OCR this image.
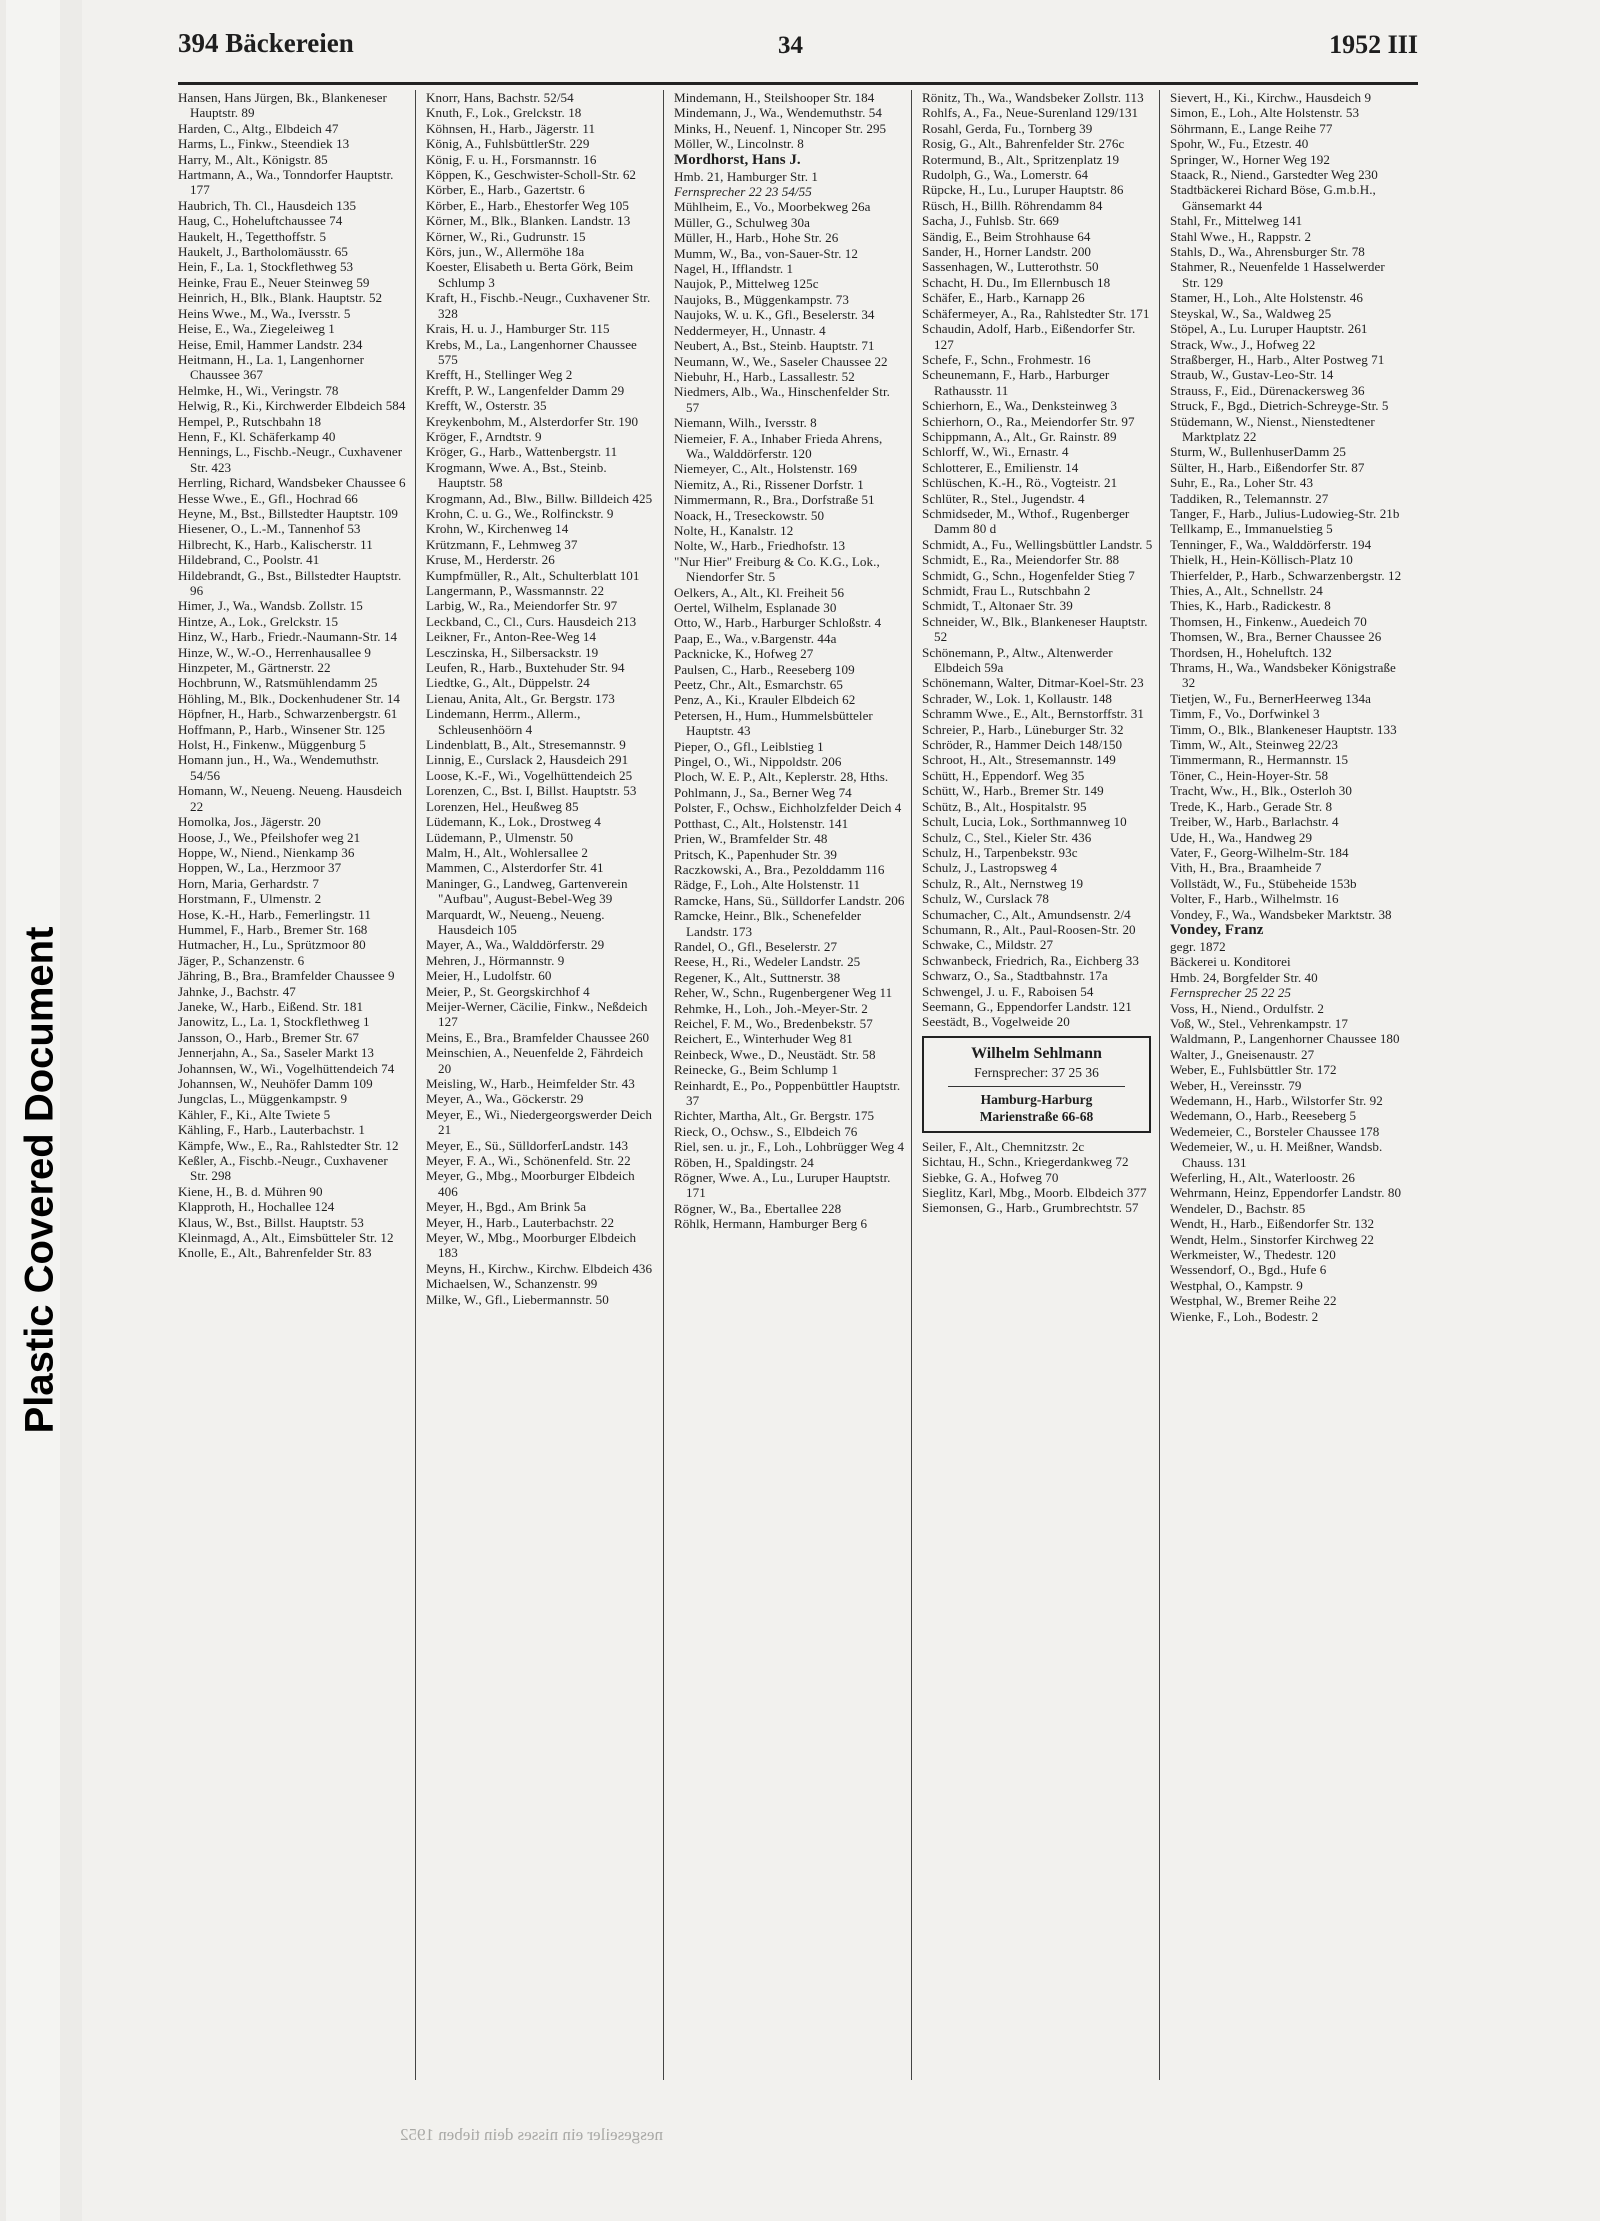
Plastic Covered Document
394 Bäckereien	34	1952 III
Hansen, Hans Jürgen, Bk., Blankeneser Hauptstr. 89
Harden, C., Altg., Elbdeich 47
Harms, L., Finkw., Steendiek 13
Harry, M., Alt., Königstr. 85
Hartmann, A., Wa., Tonndorfer Hauptstr. 177
Haubrich, Th. Cl., Hausdeich 135
Haug, C., Hoheluftchaussee 74
Haukelt, H., Tegetthoffstr. 5
Haukelt, J., Bartholomäusstr. 65
Hein, F., La. 1, Stockflethweg 53
Heinke, Frau E., Neuer Steinweg 59
Heinrich, H., Blk., Blank. Hauptstr. 52
Heins Wwe., M., Wa., Iversstr. 5
Heise, E., Wa., Ziegeleiweg 1
Heise, Emil, Hammer Landstr. 234
Heitmann, H., La. 1, Langenhorner Chaussee 367
Helmke, H., Wi., Veringstr. 78
Helwig, R., Ki., Kirchwerder Elbdeich 584
Hempel, P., Rutschbahn 18
Henn, F., Kl. Schäferkamp 40
Hennings, L., Fischb.-Neugr., Cuxhavener Str. 423
Herrling, Richard, Wandsbeker Chaussee 6
Hesse Wwe., E., Gfl., Hochrad 66
Heyne, M., Bst., Billstedter Hauptstr. 109
Hiesener, O., L.-M., Tannenhof 53
Hilbrecht, K., Harb., Kalischerstr. 11
Hildebrand, C., Poolstr. 41
Hildebrandt, G., Bst., Billstedter Hauptstr. 96
Himer, J., Wa., Wandsb. Zollstr. 15
Hintze, A., Lok., Grelckstr. 15
Hinz, W., Harb., Friedr.-Naumann-Str. 14
Hinze, W., W.-O., Herrenhausallee 9
Hinzpeter, M., Gärtnerstr. 22
Hochbrunn, W., Ratsmühlendamm 25
Höhling, M., Blk., Dockenhudener Str. 14
Höpfner, H., Harb., Schwarzenbergstr. 61
Hoffmann, P., Harb., Winsener Str. 125
Holst, H., Finkenw., Müggenburg 5
Homann jun., H., Wa., Wendemuthstr. 54/56
Homann, W., Neueng. Neueng. Hausdeich 22
Homolka, Jos., Jägerstr. 20
Hoose, J., We., Pfeilshofer weg 21
Hoppe, W., Niend., Nienkamp 36
Hoppen, W., La., Herzmoor 37
Horn, Maria, Gerhardstr. 7
Horstmann, F., Ulmenstr. 2
Hose, K.-H., Harb., Femerlingstr. 11
Hummel, F., Harb., Bremer Str. 168
Hutmacher, H., Lu., Sprützmoor 80
Jäger, P., Schanzenstr. 6
Jähring, B., Bra., Bramfelder Chaussee 9
Jahnke, J., Bachstr. 47
Janeke, W., Harb., Eißend. Str. 181
Janowitz, L., La. 1, Stockflethweg 1
Jansson, O., Harb., Bremer Str. 67
Jennerjahn, A., Sa., Saseler Markt 13
Johannsen, W., Wi., Vogelhüttendeich 74
Johannsen, W., Neuhöfer Damm 109
Jungclas, L., Müggenkampstr. 9
Kähler, F., Ki., Alte Twiete 5
Kähling, F., Harb., Lauterbachstr. 1
Kämpfe, Ww., E., Ra., Rahlstedter Str. 12
Keßler, A., Fischb.-Neugr., Cuxhavener Str. 298
Kiene, H., B. d. Mühren 90
Klapproth, H., Hochallee 124
Klaus, W., Bst., Billst. Hauptstr. 53
Kleinmagd, A., Alt., Eimsbütteler Str. 12
Knolle, E., Alt., Bahrenfelder Str. 83
Knorr, Hans, Bachstr. 52/54
Knuth, F., Lok., Grelckstr. 18
Köhnsen, H., Harb., Jägerstr. 11
König, A., FuhlsbüttlerStr. 229
König, F. u. H., Forsmannstr. 16
Köppen, K., Geschwister-Scholl-Str. 62
Körber, E., Harb., Gazertstr. 6
Körber, E., Harb., Ehestorfer Weg 105
Körner, M., Blk., Blanken. Landstr. 13
Körner, W., Ri., Gudrunstr. 15
Körs, jun., W., Allermöhe 18a
Koester, Elisabeth u. Berta Görk, Beim Schlump 3
Kraft, H., Fischb.-Neugr., Cuxhavener Str. 328
Krais, H. u. J., Hamburger Str. 115
Krebs, M., La., Langenhorner Chaussee 575
Krefft, H., Stellinger Weg 2
Krefft, P. W., Langenfelder Damm 29
Krefft, W., Osterstr. 35
Kreykenbohm, M., Alsterdorfer Str. 190
Kröger, F., Arndtstr. 9
Kröger, G., Harb., Wattenbergstr. 11
Krogmann, Wwe. A., Bst., Steinb. Hauptstr. 58
Krogmann, Ad., Blw., Billw. Billdeich 425
Krohn, C. u. G., We., Rolfinckstr. 9
Krohn, W., Kirchenweg 14
Krützmann, F., Lehmweg 37
Kruse, M., Herderstr. 26
Kumpfmüller, R., Alt., Schulterblatt 101
Langermann, P., Wassmannstr. 22
Larbig, W., Ra., Meiendorfer Str. 97
Leckband, C., Cl., Curs. Hausdeich 213
Leikner, Fr., Anton-Ree-Weg 14
Lesczinska, H., Silbersackstr. 19
Leufen, R., Harb., Buxtehuder Str. 94
Liedtke, G., Alt., Düppelstr. 24
Lienau, Anita, Alt., Gr. Bergstr. 173
Lindemann, Herrm., Allerm., Schleusenhöörn 4
Lindenblatt, B., Alt., Stresemannstr. 9
Linnig, E., Curslack 2, Hausdeich 291
Loose, K.-F., Wi., Vogelhüttendeich 25
Lorenzen, C., Bst. I, Billst. Hauptstr. 53
Lorenzen, Hel., Heußweg 85
Lüdemann, K., Lok., Drostweg 4
Lüdemann, P., Ulmenstr. 50
Malm, H., Alt., Wohlersallee 2
Mammen, C., Alsterdorfer Str. 41
Maninger, G., Landweg, Gartenverein "Aufbau", August-Bebel-Weg 39
Marquardt, W., Neueng., Neueng. Hausdeich 105
Mayer, A., Wa., Walddörferstr. 29
Mehren, J., Hörmannstr. 9
Meier, H., Ludolfstr. 60
Meier, P., St. Georgskirchhof 4
Meijer-Werner, Cäcilie, Finkw., Neßdeich 127
Meins, E., Bra., Bramfelder Chaussee 260
Meinschien, A., Neuenfelde 2, Fährdeich 20
Meisling, W., Harb., Heimfelder Str. 43
Meyer, A., Wa., Göckerstr. 29
Meyer, E., Wi., Niedergeorgswerder Deich 21
Meyer, E., Sü., SülldorferLandstr. 143
Meyer, F. A., Wi., Schönenfeld. Str. 22
Meyer, G., Mbg., Moorburger Elbdeich 406
Meyer, H., Bgd., Am Brink 5a
Meyer, H., Harb., Lauterbachstr. 22
Meyer, W., Mbg., Moorburger Elbdeich 183
Meyns, H., Kirchw., Kirchw. Elbdeich 436
Michaelsen, W., Schanzenstr. 99
Milke, W., Gfl., Liebermannstr. 50
Mindemann, H., Steilshooper Str. 184
Mindemann, J., Wa., Wendemuthstr. 54
Minks, H., Neuenf. 1, Nincoper Str. 295
Möller, W., Lincolnstr. 8
Mordhorst, Hans J.
Hmb. 21, Hamburger Str. 1
Fernsprecher 22 23 54/55
Mühlheim, E., Vo., Moorbekweg 26a
Müller, G., Schulweg 30a
Müller, H., Harb., Hohe Str. 26
Mumm, W., Ba., von-Sauer-Str. 12
Nagel, H., Ifflandstr. 1
Naujok, P., Mittelweg 125c
Naujoks, B., Müggenkampstr. 73
Naujoks, W. u. K., Gfl., Beselerstr. 34
Neddermeyer, H., Unnastr. 4
Neubert, A., Bst., Steinb. Hauptstr. 71
Neumann, W., We., Saseler Chaussee 22
Niebuhr, H., Harb., Lassallestr. 52
Niedmers, Alb., Wa., Hinschenfelder Str. 57
Niemann, Wilh., Iversstr. 8
Niemeier, F. A., Inhaber Frieda Ahrens, Wa., Walddörferstr. 120
Niemeyer, C., Alt., Holstenstr. 169
Niemitz, A., Ri., Rissener Dorfstr. 1
Nimmermann, R., Bra., Dorfstraße 51
Noack, H., Treseckowstr. 50
Nolte, H., Kanalstr. 12
Nolte, W., Harb., Friedhofstr. 13
"Nur Hier" Freiburg & Co. K.G., Lok., Niendorfer Str. 5
Oelkers, A., Alt., Kl. Freiheit 56
Oertel, Wilhelm, Esplanade 30
Otto, W., Harb., Harburger Schloßstr. 4
Paap, E., Wa., v.Bargenstr. 44a
Packnicke, K., Hofweg 27
Paulsen, C., Harb., Reeseberg 109
Peetz, Chr., Alt., Esmarchstr. 65
Penz, A., Ki., Krauler Elbdeich 62
Petersen, H., Hum., Hummelsbütteler Hauptstr. 43
Pieper, O., Gfl., Leiblstieg 1
Pingel, O., Wi., Nippoldstr. 206
Ploch, W. E. P., Alt., Keplerstr. 28, Hths.
Pohlmann, J., Sa., Berner Weg 74
Polster, F., Ochsw., Eichholzfelder Deich 4
Potthast, C., Alt., Holstenstr. 141
Prien, W., Bramfelder Str. 48
Pritsch, K., Papenhuder Str. 39
Raczkowski, A., Bra., Pezolddamm 116
Rädge, F., Loh., Alte Holstenstr. 11
Ramcke, Hans, Sü., Sülldorfer Landstr. 206
Ramcke, Heinr., Blk., Schenefelder Landstr. 173
Randel, O., Gfl., Beselerstr. 27
Reese, H., Ri., Wedeler Landstr. 25
Regener, K., Alt., Suttnerstr. 38
Reher, W., Schn., Rugenbergener Weg 11
Rehmke, H., Loh., Joh.-Meyer-Str. 2
Reichel, F. M., Wo., Bredenbekstr. 57
Reichert, E., Winterhuder Weg 81
Reinbeck, Wwe., D., Neustädt. Str. 58
Reinecke, G., Beim Schlump 1
Reinhardt, E., Po., Poppenbüttler Hauptstr. 37
Richter, Martha, Alt., Gr. Bergstr. 175
Rieck, O., Ochsw., S., Elbdeich 76
Riel, sen. u. jr., F., Loh., Lohbrügger Weg 4
Röben, H., Spaldingstr. 24
Rögner, Wwe. A., Lu., Luruper Hauptstr. 171
Rögner, W., Ba., Ebertallee 228
Röhlk, Hermann, Hamburger Berg 6
Rönitz, Th., Wa., Wandsbeker Zollstr. 113
Rohlfs, A., Fa., Neue-Surenland 129/131
Rosahl, Gerda, Fu., Tornberg 39
Rosig, G., Alt., Bahrenfelder Str. 276c
Rotermund, B., Alt., Spritzenplatz 19
Rudolph, G., Wa., Lomerstr. 64
Rüpcke, H., Lu., Luruper Hauptstr. 86
Rüsch, H., Billh. Röhrendamm 84
Sacha, J., Fuhlsb. Str. 669
Sändig, E., Beim Strohhause 64
Sander, H., Horner Landstr. 200
Sassenhagen, W., Lutterothstr. 50
Schacht, H. Du., Im Ellernbusch 18
Schäfer, E., Harb., Karnapp 26
Schäfermeyer, A., Ra., Rahlstedter Str. 171
Schaudin, Adolf, Harb., Eißendorfer Str. 127
Schefe, F., Schn., Frohmestr. 16
Scheunemann, F., Harb., Harburger Rathausstr. 11
Schierhorn, E., Wa., Denksteinweg 3
Schierhorn, O., Ra., Meiendorfer Str. 97
Schippmann, A., Alt., Gr. Rainstr. 89
Schlorff, W., Wi., Ernastr. 4
Schlotterer, E., Emilienstr. 14
Schlüschen, K.-H., Rö., Vogteistr. 21
Schlüter, R., Stel., Jugendstr. 4
Schmidseder, M., Wthof., Rugenberger Damm 80 d
Schmidt, A., Fu., Wellingsbüttler Landstr. 5
Schmidt, E., Ra., Meiendorfer Str. 88
Schmidt, G., Schn., Hogenfelder Stieg 7
Schmidt, Frau L., Rutschbahn 2
Schmidt, T., Altonaer Str. 39
Schneider, W., Blk., Blankeneser Hauptstr. 52
Schönemann, P., Altw., Altenwerder Elbdeich 59a
Schönemann, Walter, Ditmar-Koel-Str. 23
Schrader, W., Lok. 1, Kollaustr. 148
Schramm Wwe., E., Alt., Bernstorffstr. 31
Schreier, P., Harb., Lüneburger Str. 32
Schröder, R., Hammer Deich 148/150
Schroot, H., Alt., Stresemannstr. 149
Schütt, H., Eppendorf. Weg 35
Schütt, W., Harb., Bremer Str. 149
Schütz, B., Alt., Hospitalstr. 95
Schult, Lucia, Lok., Sorthmannweg 10
Schulz, C., Stel., Kieler Str. 436
Schulz, H., Tarpenbekstr. 93c
Schulz, J., Lastropsweg 4
Schulz, R., Alt., Nernstweg 19
Schulz, W., Curslack 78
Schumacher, C., Alt., Amundsenstr. 2/4
Schumann, R., Alt., Paul-Roosen-Str. 20
Schwake, C., Mildstr. 27
Schwanbeck, Friedrich, Ra., Eichberg 33
Schwarz, O., Sa., Stadtbahnstr. 17a
Schwengel, J. u. F., Raboisen 54
Seemann, G., Eppendorfer Landstr. 121
Seestädt, B., Vogelweide 20
Wilhelm Sehlmann
Fernsprecher: 37 25 36
Hamburg-Harburg
Marienstraße 66-68
Seiler, F., Alt., Chemnitzstr. 2c
Sichtau, H., Schn., Kriegerdankweg 72
Siebke, G. A., Hofweg 70
Sieglitz, Karl, Mbg., Moorb. Elbdeich 377
Siemonsen, G., Harb., Grumbrechtstr. 57
Sievert, H., Ki., Kirchw., Hausdeich 9
Simon, E., Loh., Alte Holstenstr. 53
Söhrmann, E., Lange Reihe 77
Spohr, W., Fu., Etzestr. 40
Springer, W., Horner Weg 192
Staack, R., Niend., Garstedter Weg 230
Stadtbäckerei Richard Böse, G.m.b.H., Gänsemarkt 44
Stahl, Fr., Mittelweg 141
Stahl Wwe., H., Rappstr. 2
Stahls, D., Wa., Ahrensburger Str. 78
Stahmer, R., Neuenfelde 1 Hasselwerder Str. 129
Stamer, H., Loh., Alte Holstenstr. 46
Steyskal, W., Sa., Waldweg 25
Stöpel, A., Lu. Luruper Hauptstr. 261
Strack, Ww., J., Hofweg 22
Straßberger, H., Harb., Alter Postweg 71
Straub, W., Gustav-Leo-Str. 14
Strauss, F., Eid., Dürenackersweg 36
Struck, F., Bgd., Dietrich-Schreyge-Str. 5
Stüdemann, W., Nienst., Nienstedtener Marktplatz 22
Sturm, W., BullenhuserDamm 25
Sülter, H., Harb., Eißendorfer Str. 87
Suhr, E., Ra., Loher Str. 43
Taddiken, R., Telemannstr. 27
Tanger, F., Harb., Julius-Ludowieg-Str. 21b
Tellkamp, E., Immanuelstieg 5
Tenninger, F., Wa., Walddörferstr. 194
Thielk, H., Hein-Köllisch-Platz 10
Thierfelder, P., Harb., Schwarzenbergstr. 12
Thies, A., Alt., Schnellstr. 24
Thies, K., Harb., Radickestr. 8
Thomsen, H., Finkenw., Auedeich 70
Thomsen, W., Bra., Berner Chaussee 26
Thordsen, H., Hoheluftch. 132
Thrams, H., Wa., Wandsbeker Königstraße 32
Tietjen, W., Fu., BernerHeerweg 134a
Timm, F., Vo., Dorfwinkel 3
Timm, O., Blk., Blankeneser Hauptstr. 133
Timm, W., Alt., Steinweg 22/23
Timmermann, R., Hermannstr. 15
Töner, C., Hein-Hoyer-Str. 58
Tracht, Ww., H., Blk., Osterloh 30
Trede, K., Harb., Gerade Str. 8
Treiber, W., Harb., Barlachstr. 4
Ude, H., Wa., Handweg 29
Vater, F., Georg-Wilhelm-Str. 184
Vith, H., Bra., Braamheide 7
Vollstädt, W., Fu., Stübeheide 153b
Volter, F., Harb., Wilhelmstr. 16
Vondey, F., Wa., Wandsbeker Marktstr. 38
Vondey, Franz
gegr. 1872
Bäckerei u. Konditorei
Hmb. 24, Borgfelder Str. 40
Fernsprecher 25 22 25
Voss, H., Niend., Ordulfstr. 2
Voß, W., Stel., Vehrenkampstr. 17
Waldmann, P., Langenhorner Chaussee 180
Walter, J., Gneisenaustr. 27
Weber, E., Fuhlsbüttler Str. 172
Weber, H., Vereinsstr. 79
Wedemann, H., Harb., Wilstorfer Str. 92
Wedemann, O., Harb., Reeseberg 5
Wedemeier, C., Borsteler Chaussee 178
Wedemeier, W., u. H. Meißner, Wandsb. Chauss. 131
Weferling, H., Alt., Waterloostr. 26
Wehrmann, Heinz, Eppendorfer Landstr. 80
Wendeler, D., Bachstr. 85
Wendt, H., Harb., Eißendorfer Str. 132
Wendt, Helm., Sinstorfer Kirchweg 22
Werkmeister, W., Thedestr. 120
Wessendorf, O., Bgd., Hufe 6
Westphal, O., Kampstr. 9
Westphal, W., Bremer Reihe 22
Wienke, F., Loh., Bodestr. 2
nesgeseiler ein nisses dein tieben 1952
